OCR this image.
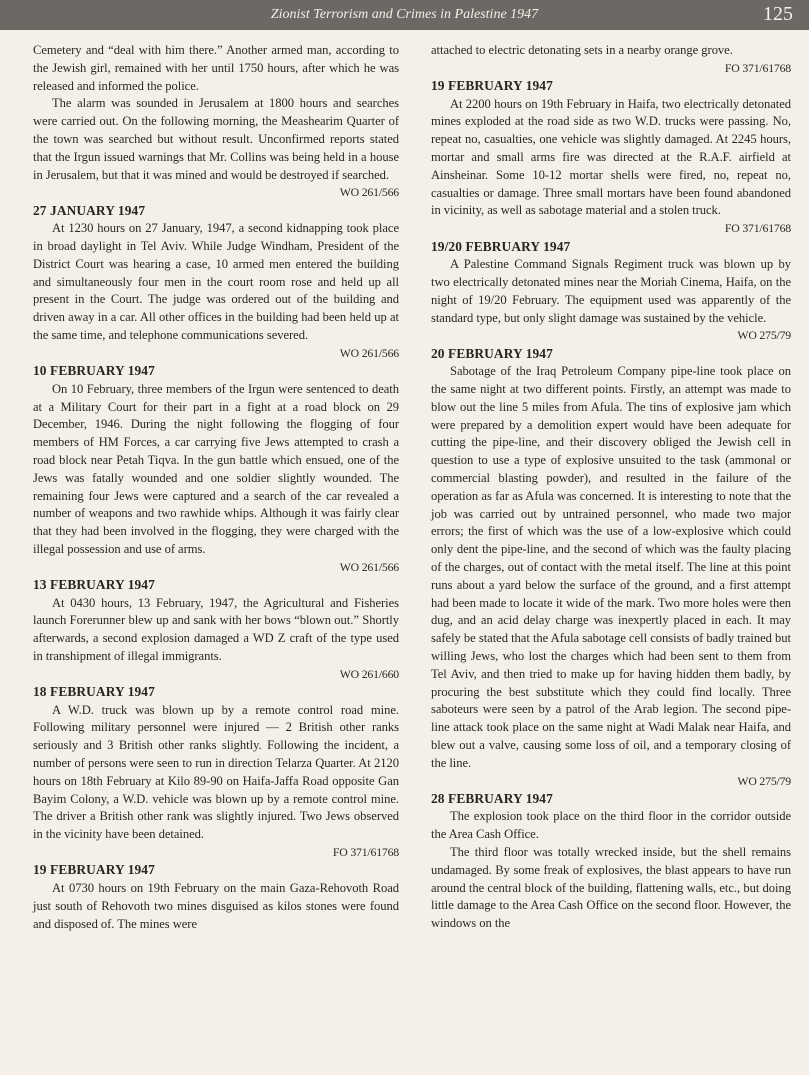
Zionist Terrorism and Crimes in Palestine 1947	125

Cemetery and “deal with him there.” Another armed man, according to the Jewish girl, remained with her until 1750 hours, after which he was released and informed the police.

The alarm was sounded in Jerusalem at 1800 hours and searches were carried out. On the following morning, the Meashearim Quarter of the town was searched but without result. Unconfirmed reports stated that the Irgun issued warnings that Mr. Collins was being held in a house in Jerusalem, but that it was mined and would be destroyed if searched.

WO 261/566
27 JANUARY 1947

At 1230 hours on 27 January, 1947, a second kidnapping took place in broad daylight in Tel Aviv. While Judge Windham, President of the District Court was hearing a case, 10 armed men entered the building and simultaneously four men in the court room rose and held up all present in the Court. The judge was ordered out of the building and driven away in a car. All other offices in the building had been held up at the same time, and telephone communications severed.

WO 261/566
10 FEBRUARY 1947

On 10 February, three members of the Irgun were sentenced to death at a Military Court for their part in a fight at a road block on 29 December, 1946. During the night following the flogging of four members of HM Forces, a car carrying five Jews attempted to crash a road block near Petah Tiqva. In the gun battle which ensued, one of the Jews was fatally wounded and one soldier slightly wounded. The remaining four Jews were captured and a search of the car revealed a number of weapons and two rawhide whips. Although it was fairly clear that they had been involved in the flogging, they were charged with the illegal possession and use of arms.

WO 261/566
13 FEBRUARY 1947

At 0430 hours, 13 February, 1947, the Agricultural and Fisheries launch Forerunner blew up and sank with her bows “blown out.” Shortly afterwards, a second explosion damaged a WD Z craft of the type used in transhipment of illegal immigrants.

WO 261/660
18 FEBRUARY 1947

A W.D. truck was blown up by a remote control road mine. Following military personnel were injured — 2 British other ranks seriously and 3 British other ranks slightly. Following the incident, a number of persons were seen to run in direction Telarza Quarter. At 2120 hours on 18th February at Kilo 89-90 on Haifa-Jaffa Road opposite Gan Bayim Colony, a W.D. vehicle was blown up by a remote control mine. The driver a British other rank was slightly injured. Two Jews observed in the vicinity have been detained.

FO 371/61768
19 FEBRUARY 1947

At 0730 hours on 19th February on the main Gaza-Rehovoth Road just south of Rehovoth two mines disguised as kilos stones were found and disposed of. The mines were

attached to electric detonating sets in a nearby orange grove.

FO 371/61768
19 FEBRUARY 1947

At 2200 hours on 19th February in Haifa, two electrically detonated mines exploded at the road side as two W.D. trucks were passing. No, repeat no, casualties, one vehicle was slightly damaged. At 2245 hours, mortar and small arms fire was directed at the R.A.F. airfield at Ainsheinar. Some 10-12 mortar shells were fired, no, repeat no, casualties or damage. Three small mortars have been found abandoned in vicinity, as well as sabotage material and a stolen truck.

FO 371/61768
19/20 FEBRUARY 1947

A Palestine Command Signals Regiment truck was blown up by two electrically detonated mines near the Moriah Cinema, Haifa, on the night of 19/20 February. The equipment used was apparently of the standard type, but only slight damage was sustained by the vehicle.

WO 275/79
20 FEBRUARY 1947

Sabotage of the Iraq Petroleum Company pipe-line took place on the same night at two different points. Firstly, an attempt was made to blow out the line 5 miles from Afula. The tins of explosive jam which were prepared by a demolition expert would have been adequate for cutting the pipe-line, and their discovery obliged the Jewish cell in question to use a type of explosive unsuited to the task (ammonal or commercial blasting powder), and resulted in the failure of the operation as far as Afula was concerned. It is interesting to note that the job was carried out by untrained personnel, who made two major errors; the first of which was the use of a low-explosive which could only dent the pipe-line, and the second of which was the faulty placing of the charges, out of contact with the metal itself. The line at this point runs about a yard below the surface of the ground, and a first attempt had been made to locate it wide of the mark. Two more holes were then dug, and an acid delay charge was inexpertly placed in each. It may safely be stated that the Afula sabotage cell consists of badly trained but willing Jews, who lost the charges which had been sent to them from Tel Aviv, and then tried to make up for having hidden them badly, by procuring the best substitute which they could find locally. Three saboteurs were seen by a patrol of the Arab legion. The second pipe-line attack took place on the same night at Wadi Malak near Haifa, and blew out a valve, causing some loss of oil, and a temporary closing of the line.

WO 275/79
28 FEBRUARY 1947

The explosion took place on the third floor in the corridor outside the Area Cash Office.

The third floor was totally wrecked inside, but the shell remains undamaged. By some freak of explosives, the blast appears to have run around the central block of the building, flattening walls, etc., but doing little damage to the Area Cash Office on the second floor. However, the windows on the
